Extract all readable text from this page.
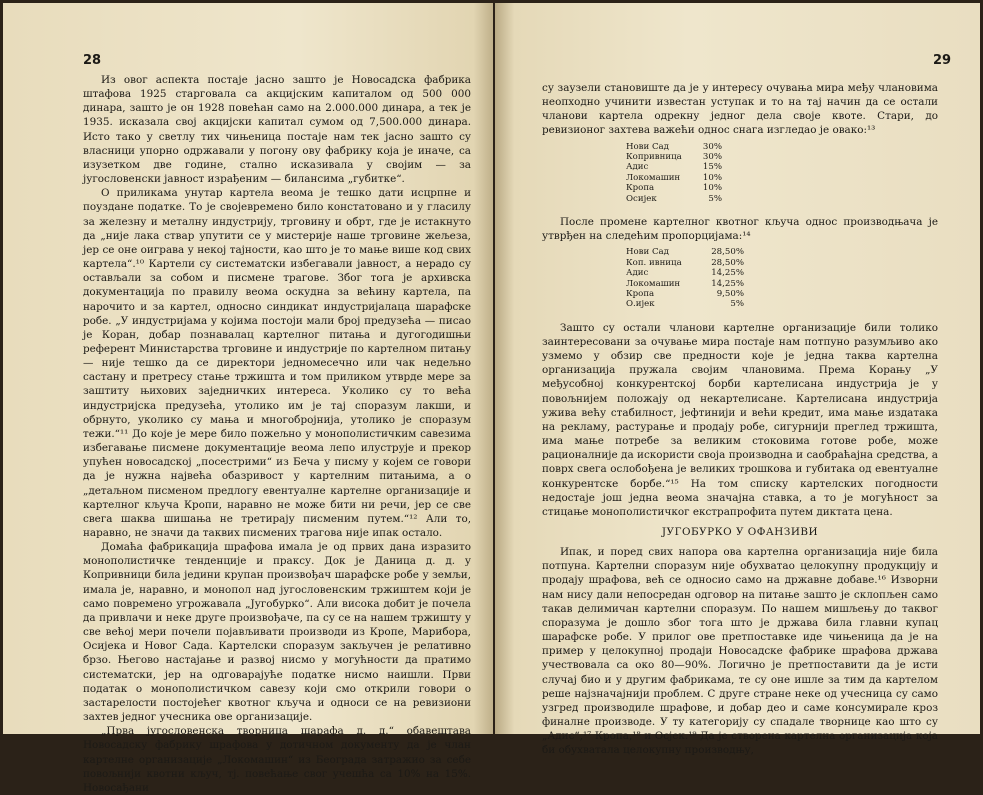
28

Из овог аспекта постаје јасно зашто је Новосадска фабрика штафова 1925 старговала са акцијским капиталом од 500 000 динара, зашто је он 1928 повећан само на 2.000.000 динара, а тек је 1935. исказала свој акцијски капитал сумом од 7,500.000 динара. Исто тако у светлу тих чињеница постаје нам тек јасно зашто су власници упорно одржавали у погону ову фабрику која је иначе, са изузетком две године, стално исказивала у својим — за југословенски јавност израђеним — билансима „губитке“.

О приликама унутар картела веома је тешко дати исцрпне и поуздане податке. То је својевремено било констатовано и у гласилу за железну и металну индустрију, трговину и обрт, где је истакнуто да „није лака ствар упутити се у мистерије наше трговине жељеза, јер се оне оиграва у некој тајности, као што је то мање више код свих картела“.¹⁰ Картели су систематски избегавали јавност, а нерадо су остављали за собом и писмене трагове. Због тога је архивска документација по правилу веома оскудна за већину картела, па нарочито и за картел, односно синдикат индустријалаца шарафске робе. „У индустријама у којима постоји мали број предузећа — писао је Коран, добар познавалац картелног питања и дугогодишњи референт Министарства трговине и индустрије по картелном питању — није тешко да се директори једномесечно или чак недељно састану и претресу стање тржишта и том приликом утврде мере за заштиту њихових заједничких интереса. Уколико су то већа индустријска предузећа, утолико им је тај споразум лакши, и обрнуто, уколико су мања и многобројнија, утолико је споразум тежи.“¹¹ До које је мере било пожељно у монополистичким савезима избегавање писмене документације веома лепо илуструје и прекор упућен новосадској „посестрими“ из Беча у писму у којем се говори да је нужна највећа обазривост у картелним питањима, а о „детаљном писменом предлогу евентуалне картелне организације и картелног кључа Кропи, наравно не може бити ни речи, јер се све свега шаква шишања не третирају писменим путем.“¹² Али то, наравно, не значи да таквих писмених трагова није ипак остало.

Домаћа фабрикација шрафова имала је од првих дана изразито монополистичке тенденције и праксу. Док је Даница д. д. у Копривници била једини крупан произвођач шарафске робе у земљи, имала је, наравно, и монопол над југословенским тржиштем који је само повремено угрожавала „Југобурко“. Али висока добит је почела да привлачи и неке друге произвођаче, па су се на нашем тржишту у све већој мери почели појављивати производи из Кропе, Марибора, Осијека и Новог Сада. Картелски споразум закључен је релативно брзо. Његово настајање и развој нисмо у могућности да пратимо систематски, јер на одговарајуће податке нисмо наишли. Први податак о монополистичком савезу који смо открили говори о застарелости постојећег квотног кључа и односи се на ревизиони захтев једног учесника ове организације.

„Прва југословенска творница шарафа д. д.“ обавештава Новосадску фабрику шрафова у дотичном документу да је члан картелне организације „Локомашин“ из Београда затражио за себе повољнији квотни кључ, тј. повећање свог учешћа са 10% на 15%. Новосађани

29

су заузели становиште да је у интересу очувања мира међу члановима неопходно учинити известан уступак и то на тај начин да се остали чланови картела одрекну једног дела своје квоте. Стари, до ревизионог захтева важећи однос снага изгледао је овако:¹³

Нови Сад	30%
Копривница	30%
Адис	15%
Локомашин	10%
Кропа	10%
Осијек	5%

После промене картелног квотног кључа однос производњача је утврђен на следећим пропорцијама:¹⁴

Нови Сад	28,50%
Коп. ивница	28,50%
Адис	14,25%
Локомашин	14,25%
Кропа	9,50%
О.ијек	5%

Зашто су остали чланови картелне организације били толико заинтересовани за очување мира постаје нам потпуно разумљиво ако узмемо у обзир све предности које је једна таква картелна организација пружала својим члановима. Према Корању „У међусобној конкурентској борби картелисана индустрија је у повољнијем положају од некартелисане. Картелисана индустрија ужива већу стабилност, јефтинији и већи кредит, има мање издатака на рекламу, растурање и продају робе, сигурнији преглед тржишта, има мање потребе за великим стоковима готове робе, може рационалније да искористи своја производна и саобраћајна средства, а поврх свега ослобођена је великих трошкова и губитака од евентуалне конкурентске борбе.“¹⁵ На том списку картелских погодности недостаје још једна веома значајна ставка, а то је могућност за стицање монополистичког екстрапрофита путем диктата цена.

ЈУГОБУРКО У ОФАНЗИВИ

Ипак, и поред свих напора ова картелна организација није била потпуна. Картелни споразум није обухватао целокупну продукцију и продају шрафова, већ се односио само на државне добаве.¹⁶ Изворни нам нису дали непосредан одговор на питање зашто је склопљен само такав делимичан картелни споразум. По нашем мишљењу до таквог споразума је дошло због тога што је држава била главни купац шарафске робе. У прилог ове претпоставке иде чињеница да је на пример у целокупној продаји Новосадске фабрике шрафова држава учествовала са око 80—90%. Логично је претпоставити да је исти случај био и у другим фабрикама, те су оне ишле за тим да картелом реше најзначајнији проблем. С друге стране неке од учесница су само узгред производиле шрафове, и добар део и саме консумирале кроз финалне производе. У ту категорију су спадале творнице као што су „Адис“,¹⁷ Кропа,¹⁸ и Осјек.¹⁹ Да је створена картелна организација која би обухватала целокупну производњу,
